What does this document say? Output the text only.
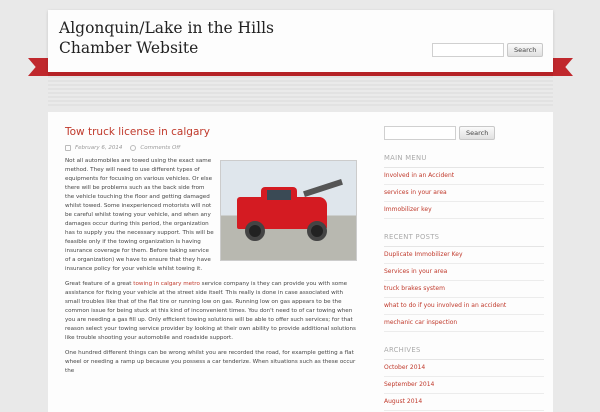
Algonquin/Lake in the Hills Chamber Website	Search
Tow truck license in calgary
February 6, 2014	Comments Off

Not all automobiles are towed using the exact same method. They will need to use different types of equipments for focusing on various vehicles. Or else there will be problems such as the back side from the vehicle touching the floor and getting damaged whilst towed. Some inexperienced motorists will not be careful whilst towing your vehicle, and when any damages occur during this period, the organization has to supply you the necessary support. This will be feasible only if the towing organization is having insurance coverage for them. Before taking service of a organization) we have to ensure that they have insurance policy for your vehicle whilst towing it.

Great feature of a great towing in calgary metro service company is they can provide you with some assistance for fixing your vehicle at the street side itself. This really is done in case associated with small troubles like that of the flat tire or running low on gas. Running low on gas appears to be the common issue for being stuck at this kind of inconvenient times. You don't need to of car towing when you are needing a gas fill up. Only efficient towing solutions will be able to offer such services; for that reason select your towing service provider by looking at their own ability to provide additional solutions like trouble shooting your automobile and roadside support.

One hundred different things can be wrong whilst you are recorded the road, for example getting a flat wheel or needing a ramp up because you possess a car tenderize. When situations such as these occur the

Search
MAIN MENU
Involved in an Accident
services in your area
Immobilizer key
RECENT POSTS
Duplicate Immobilizer Key
Services in your area
truck brakes system
what to do if you involved in an accident
mechanic car inspection
ARCHIVES
October 2014
September 2014
August 2014
